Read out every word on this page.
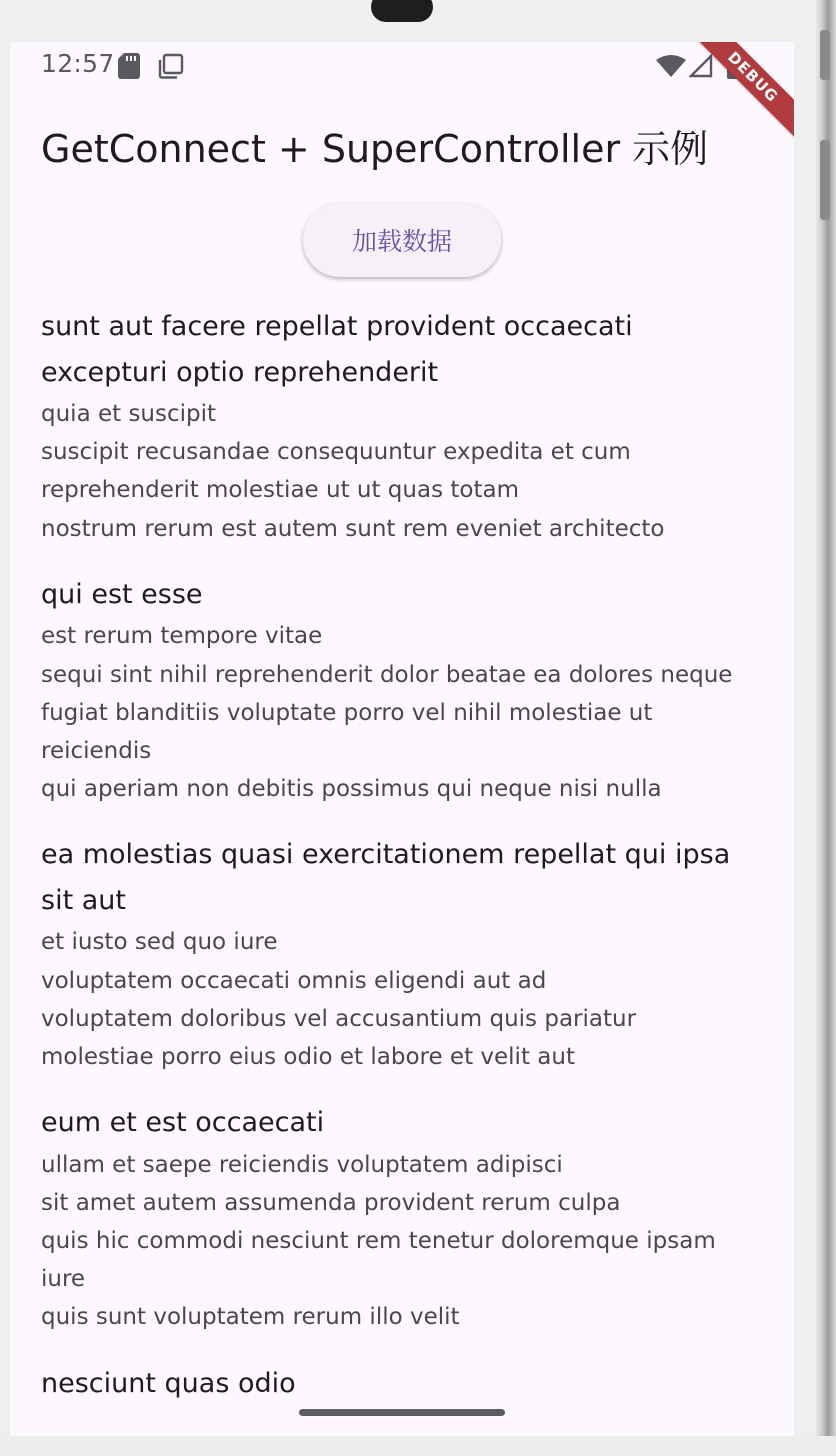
12:57	DEBUG
GetConnect + SuperController 示例
加载数据

sunt aut facere repellat provident occaecati excepturi optio reprehenderit

quia et suscipit
suscipit recusandae consequuntur expedita et cum reprehenderit molestiae ut ut quas totam
nostrum rerum est autem sunt rem eveniet architecto

qui est esse

est rerum tempore vitae
sequi sint nihil reprehenderit dolor beatae ea dolores neque
fugiat blanditiis voluptate porro vel nihil molestiae ut reiciendis
qui aperiam non debitis possimus qui neque nisi nulla

ea molestias quasi exercitationem repellat qui ipsa sit aut

et iusto sed quo iure
voluptatem occaecati omnis eligendi aut ad
voluptatem doloribus vel accusantium quis pariatur
molestiae porro eius odio et labore et velit aut

eum et est occaecati

ullam et saepe reiciendis voluptatem adipisci
sit amet autem assumenda provident rerum culpa
quis hic commodi nesciunt rem tenetur doloremque ipsam iure
quis sunt voluptatem rerum illo velit

nesciunt quas odio
